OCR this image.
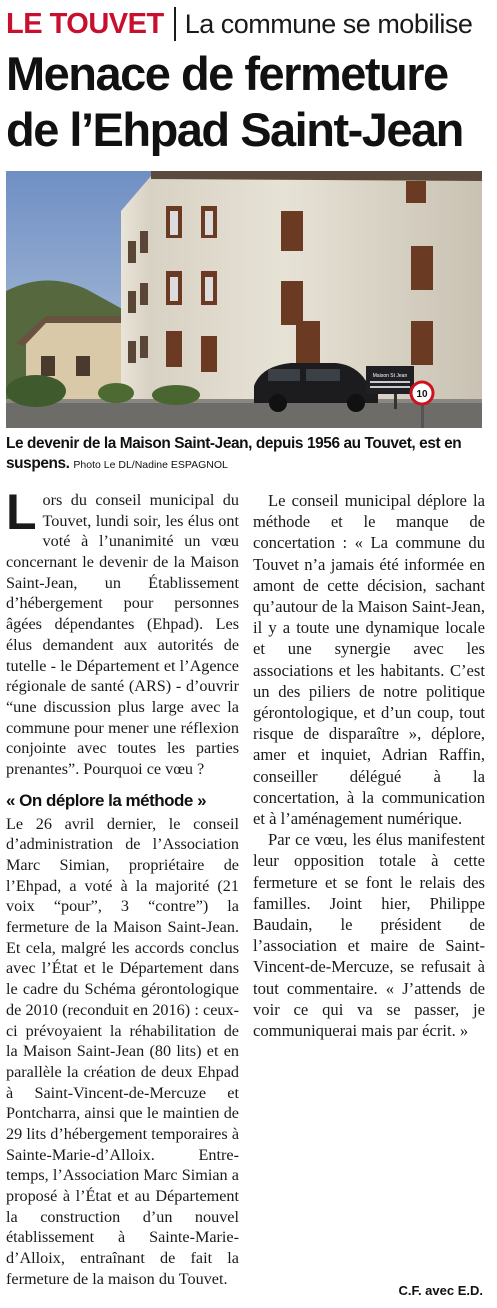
LE TOUVET La commune se mobilise
Menace de fermeture
de l’Ehpad Saint-Jean
Maison St Jean
10
Le devenir de la Maison Saint-Jean, depuis 1956 au Touvet, est en suspens. Photo Le DL/Nadine ESPAGNOL

Lors du conseil municipal du Touvet, lundi soir, les élus ont voté à l’unanimité un vœu concernant le devenir de la Maison Saint-Jean, un Établissement d’hébergement pour personnes âgées dépendantes (Ehpad). Les élus demandent aux autorités de tutelle - le Département et l’Agence régionale de santé (ARS) - d’ouvrir “une discussion plus large avec la commune pour mener une réflexion conjointe avec toutes les parties prenantes”. Pourquoi ce vœu ?

« On déplore la méthode »

Le 26 avril dernier, le conseil d’administration de l’Association Marc Simian, propriétaire de l’Ehpad, a voté à la majorité (21 voix “pour”, 3 “contre”) la fermeture de la Maison Saint-Jean. Et cela, malgré les accords conclus avec l’État et le Département dans le cadre du Schéma gérontologique de 2010 (reconduit en 2016) : ceux-ci prévoyaient la réhabilitation de la Maison Saint-Jean (80 lits) et en parallèle la création de deux Ehpad à Saint-Vincent-de-Mercuze et Pontcharra, ainsi que le maintien de 29 lits d’hébergement temporaires à Sainte-Marie-d’Alloix. Entre-temps, l’Association Marc Simian a proposé à l’État et au Département la construction d’un nouvel établissement à Sainte-Marie-d’Alloix, entraînant de fait la fermeture de la maison du Touvet.

Le conseil municipal déplore la méthode et le manque de concertation : « La commune du Touvet n’a jamais été informée en amont de cette décision, sachant qu’autour de la Maison Saint-Jean, il y a toute une dynamique locale et une synergie avec les associations et les habitants. C’est un des piliers de notre politique gérontologique, et d’un coup, tout risque de disparaître », déplore, amer et inquiet, Adrian Raffin, conseiller délégué à la concertation, à la communication et à l’aménagement numérique.

Par ce vœu, les élus manifestent leur opposition totale à cette fermeture et se font le relais des familles. Joint hier, Philippe Baudain, le président de l’association et maire de Saint-Vincent-de-Mercuze, se refusait à tout commentaire. « J’attends de voir ce qui va se passer, je communiquerai mais par écrit. »

C.F. avec E.D.
